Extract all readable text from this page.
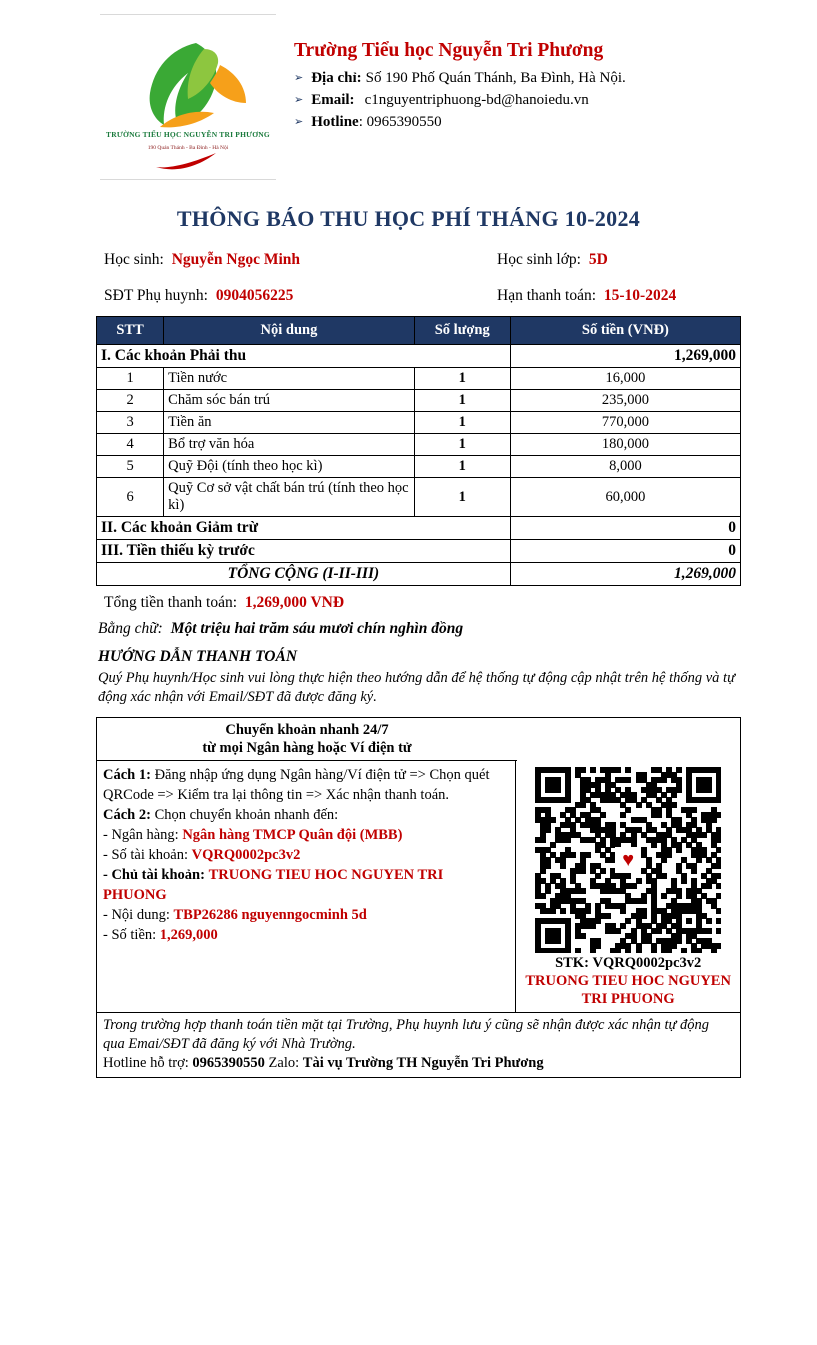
TRƯỜNG TIỂU HỌC NGUYỄN TRI PHƯƠNG
190 Quán Thánh - Ba Đình - Hà Nội
Trường Tiểu học Nguyễn Tri Phương
➢ Địa chỉ: Số 190 Phố Quán Thánh, Ba Đình, Hà Nội.
➢ Email: c1nguyentriphuong-bd@hanoiedu.vn
➢ Hotline : 0965390550
THÔNG BÁO THU HỌC PHÍ THÁNG 10-2024
Học sinh: Nguyễn Ngọc Minh
SĐT Phụ huynh: 0904056225
Học sinh lớp: 5D
Hạn thanh toán: 15-10-2024
STT	Nội dung	Số lượng	Số tiền (VNĐ)
I. Các khoản Phải thu			1,269,000
1	Tiền nước	1	16,000
2	Chăm sóc bán trú	1	235,000
3	Tiền ăn	1	770,000
4	Bổ trợ văn hóa	1	180,000
5	Quỹ Đội (tính theo học kì)	1	8,000
6	Quỹ Cơ sở vật chất bán trú (tính theo học kì)	1	60,000
II. Các khoản Giảm trừ			0
III. Tiền thiếu kỳ trước			0
TỔNG CỘNG (I-II-III)			1,269,000
Tổng tiền thanh toán: 1,269,000 VNĐ
Bằng chữ: Một triệu hai trăm sáu mươi chín nghìn đồng
HƯỚNG DẪN THANH TOÁN
Quý Phụ huynh/Học sinh vui lòng thực hiện theo hướng dẫn để hệ thống tự động cập nhật trên hệ thống và tự động xác nhận với Email/SĐT đã được đăng ký.
Chuyển khoản nhanh 24/7
từ mọi Ngân hàng hoặc Ví điện tử

Cách 1: Đăng nhập ứng dụng Ngân hàng/Ví điện tử => Chọn quét QRCode => Kiểm tra lại thông tin => Xác nhận thanh toán.

Cách 2: Chọn chuyển khoản nhanh đến:

- Ngân hàng: Ngân hàng TMCP Quân đội (MBB)

- Số tài khoản: VQRQ0002pc3v2

- Chủ tài khoản: TRUONG TIEU HOC NGUYEN TRI PHUONG

- Nội dung: TBP26286 nguyenngocminh 5d

- Số tiền: 1,269,000

♥
STK: VQRQ0002pc3v2
TRUONG TIEU HOC NGUYEN TRI PHUONG
Trong trường hợp thanh toán tiền mặt tại Trường, Phụ huynh lưu ý cũng sẽ nhận được xác nhận tự động qua Emai/SĐT đã đăng ký với Nhà Trường.
Hotline hỗ trợ: 0965390550 Zalo: Tài vụ Trường TH Nguyễn Tri Phương
